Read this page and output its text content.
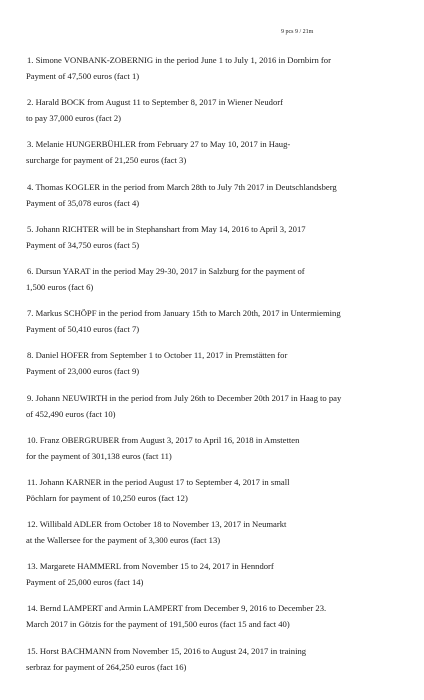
9 pcs 9 / 21m
1. Simone VONBANK-ZOBERNIG in the period June 1 to July 1, 2016 in Dornbirn for
Payment of 47,500 euros (fact 1)
2. Harald BOCK from August 11 to September 8, 2017 in Wiener Neudorf
to pay 37,000 euros (fact 2)
3. Melanie HUNGERBÜHLER from February 27 to May 10, 2017 in Haug-
surcharge for payment of 21,250 euros (fact 3)
4. Thomas KOGLER in the period from March 28th to July 7th 2017 in Deutschlandsberg
Payment of 35,078 euros (fact 4)
5. Johann RICHTER will be in Stephanshart from May 14, 2016 to April 3, 2017
Payment of 34,750 euros (fact 5)
6. Dursun YARAT in the period May 29-30, 2017 in Salzburg for the payment of
1,500 euros (fact 6)
7. Markus SCHÖPF in the period from January 15th to March 20th, 2017 in Untermieming
Payment of 50,410 euros (fact 7)
8. Daniel HOFER from September 1 to October 11, 2017 in Premstätten for
Payment of 23,000 euros (fact 9)
9. Johann NEUWIRTH in the period from July 26th to December 20th 2017 in Haag to pay
of 452,490 euros (fact 10)
10. Franz OBERGRUBER from August 3, 2017 to April 16, 2018 in Amstetten
for the payment of 301,138 euros (fact 11)
11. Johann KARNER in the period August 17 to September 4, 2017 in small
Pöchlarn for payment of 10,250 euros (fact 12)
12. Willibald ADLER from October 18 to November 13, 2017 in Neumarkt
at the Wallersee for the payment of 3,300 euros (fact 13)
13. Margarete HAMMERL from November 15 to 24, 2017 in Henndorf
Payment of 25,000 euros (fact 14)
14. Bernd LAMPERT and Armin LAMPERT from December 9, 2016 to December 23.
March 2017 in Götzis for the payment of 191,500 euros (fact 15 and fact 40)
15. Horst BACHMANN from November 15, 2016 to August 24, 2017 in training
serbraz for payment of 264,250 euros (fact 16)
